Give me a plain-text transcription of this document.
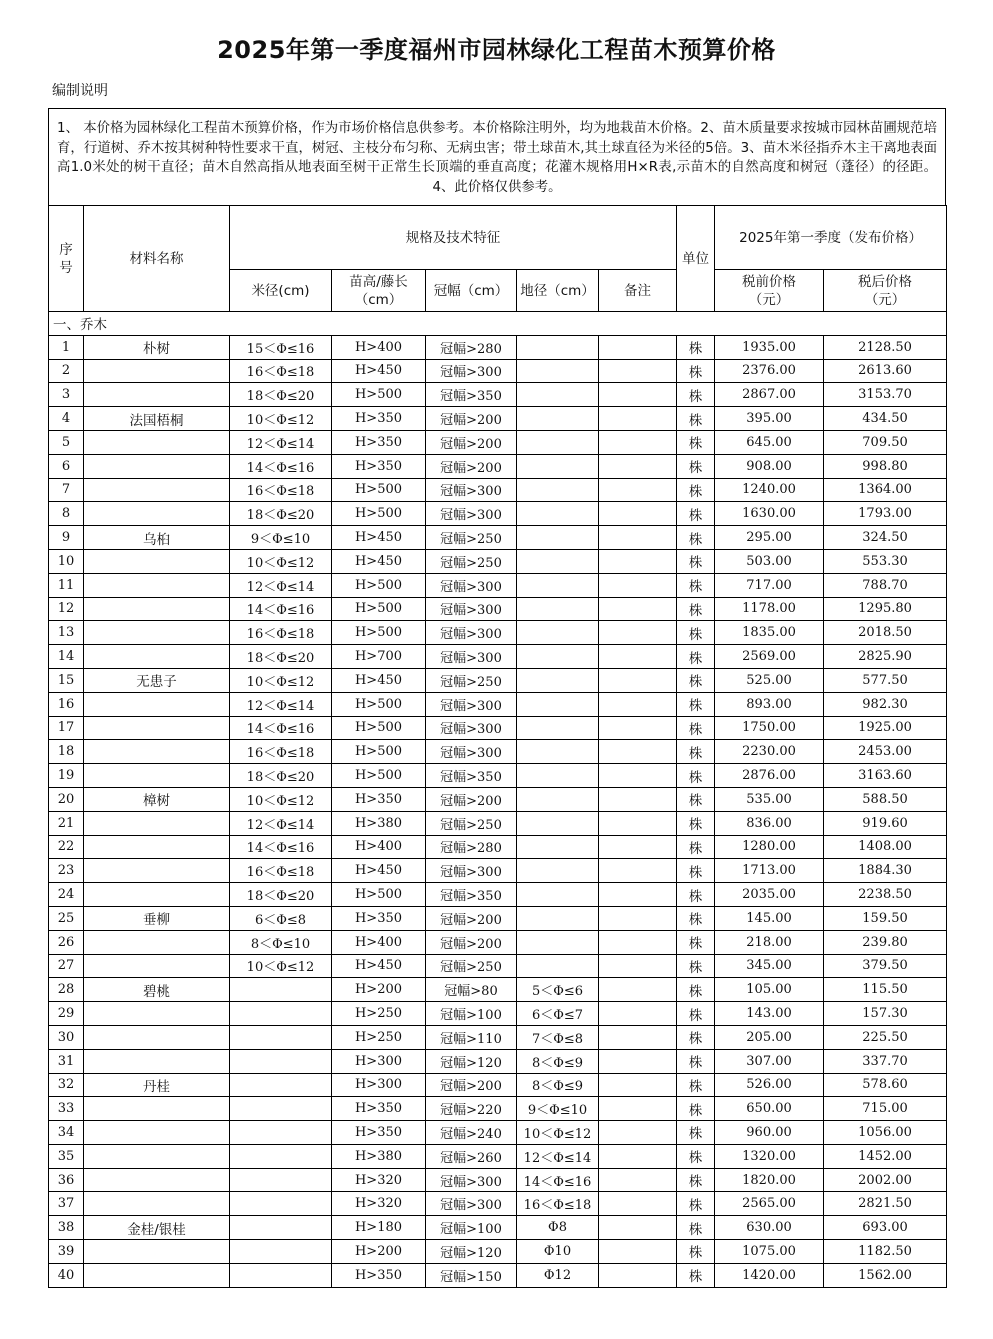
2025年第一季度福州市园林绿化工程苗木预算价格
编制说明
1、 本价格为园林绿化工程苗木预算价格，作为市场价格信息供参考。本价格除注明外，均为地栽苗木价格。2、苗木质量要求按城市园林苗圃规范培育，行道树、乔木按其树种特性要求干直，树冠、主枝分布匀称、无病虫害；带土球苗木,其土球直径为米径的5倍。3、苗木米径指乔木主干离地表面高1.0米处的树干直径；苗木自然高指从地表面至树干正常生长顶端的垂直高度；花灌木规格用H×R表,示苗木的自然高度和树冠（蓬径）的径距。4、此价格仅供参考。
序号	材料名称	规格及技术特征					单位	2025年第一季度（发布价格）	
		米径(cm)	苗高/藤长（cm）	冠幅（cm）	地径（cm）	备注		税前价格（元）	税后价格（元）
一、乔木									
1	朴树	15＜Φ≤16	H>400	冠幅>280			株	1935.00	2128.50
2		16＜Φ≤18	H>450	冠幅>300			株	2376.00	2613.60
3		18＜Φ≤20	H>500	冠幅>350			株	2867.00	3153.70
4	法国梧桐	10＜Φ≤12	H>350	冠幅>200			株	395.00	434.50
5		12＜Φ≤14	H>350	冠幅>200			株	645.00	709.50
6		14＜Φ≤16	H>350	冠幅>200			株	908.00	998.80
7		16＜Φ≤18	H>500	冠幅>300			株	1240.00	1364.00
8		18＜Φ≤20	H>500	冠幅>300			株	1630.00	1793.00
9	乌桕	9＜Φ≤10	H>450	冠幅>250			株	295.00	324.50
10		10＜Φ≤12	H>450	冠幅>250			株	503.00	553.30
11		12＜Φ≤14	H>500	冠幅>300			株	717.00	788.70
12		14＜Φ≤16	H>500	冠幅>300			株	1178.00	1295.80
13		16＜Φ≤18	H>500	冠幅>300			株	1835.00	2018.50
14		18＜Φ≤20	H>700	冠幅>300			株	2569.00	2825.90
15	无患子	10＜Φ≤12	H>450	冠幅>250			株	525.00	577.50
16		12＜Φ≤14	H>500	冠幅>300			株	893.00	982.30
17		14＜Φ≤16	H>500	冠幅>300			株	1750.00	1925.00
18		16＜Φ≤18	H>500	冠幅>300			株	2230.00	2453.00
19		18＜Φ≤20	H>500	冠幅>350			株	2876.00	3163.60
20	樟树	10＜Φ≤12	H>350	冠幅>200			株	535.00	588.50
21		12＜Φ≤14	H>380	冠幅>250			株	836.00	919.60
22		14＜Φ≤16	H>400	冠幅>280			株	1280.00	1408.00
23		16＜Φ≤18	H>450	冠幅>300			株	1713.00	1884.30
24		18＜Φ≤20	H>500	冠幅>350			株	2035.00	2238.50
25	垂柳	6＜Φ≤8	H>350	冠幅>200			株	145.00	159.50
26		8＜Φ≤10	H>400	冠幅>200			株	218.00	239.80
27		10＜Φ≤12	H>450	冠幅>250			株	345.00	379.50
28	碧桃		H>200	冠幅>80	5＜Φ≤6		株	105.00	115.50
29			H>250	冠幅>100	6＜Φ≤7		株	143.00	157.30
30			H>250	冠幅>110	7＜Φ≤8		株	205.00	225.50
31			H>300	冠幅>120	8＜Φ≤9		株	307.00	337.70
32	丹桂		H>300	冠幅>200	8＜Φ≤9		株	526.00	578.60
33			H>350	冠幅>220	9＜Φ≤10		株	650.00	715.00
34			H>350	冠幅>240	10＜Φ≤12		株	960.00	1056.00
35			H>380	冠幅>260	12＜Φ≤14		株	1320.00	1452.00
36			H>320	冠幅>300	14＜Φ≤16		株	1820.00	2002.00
37			H>320	冠幅>300	16＜Φ≤18		株	2565.00	2821.50
38	金桂/银桂		H>180	冠幅>100	Φ8		株	630.00	693.00
39			H>200	冠幅>120	Φ10		株	1075.00	1182.50
40			H>350	冠幅>150	Φ12		株	1420.00	1562.00
